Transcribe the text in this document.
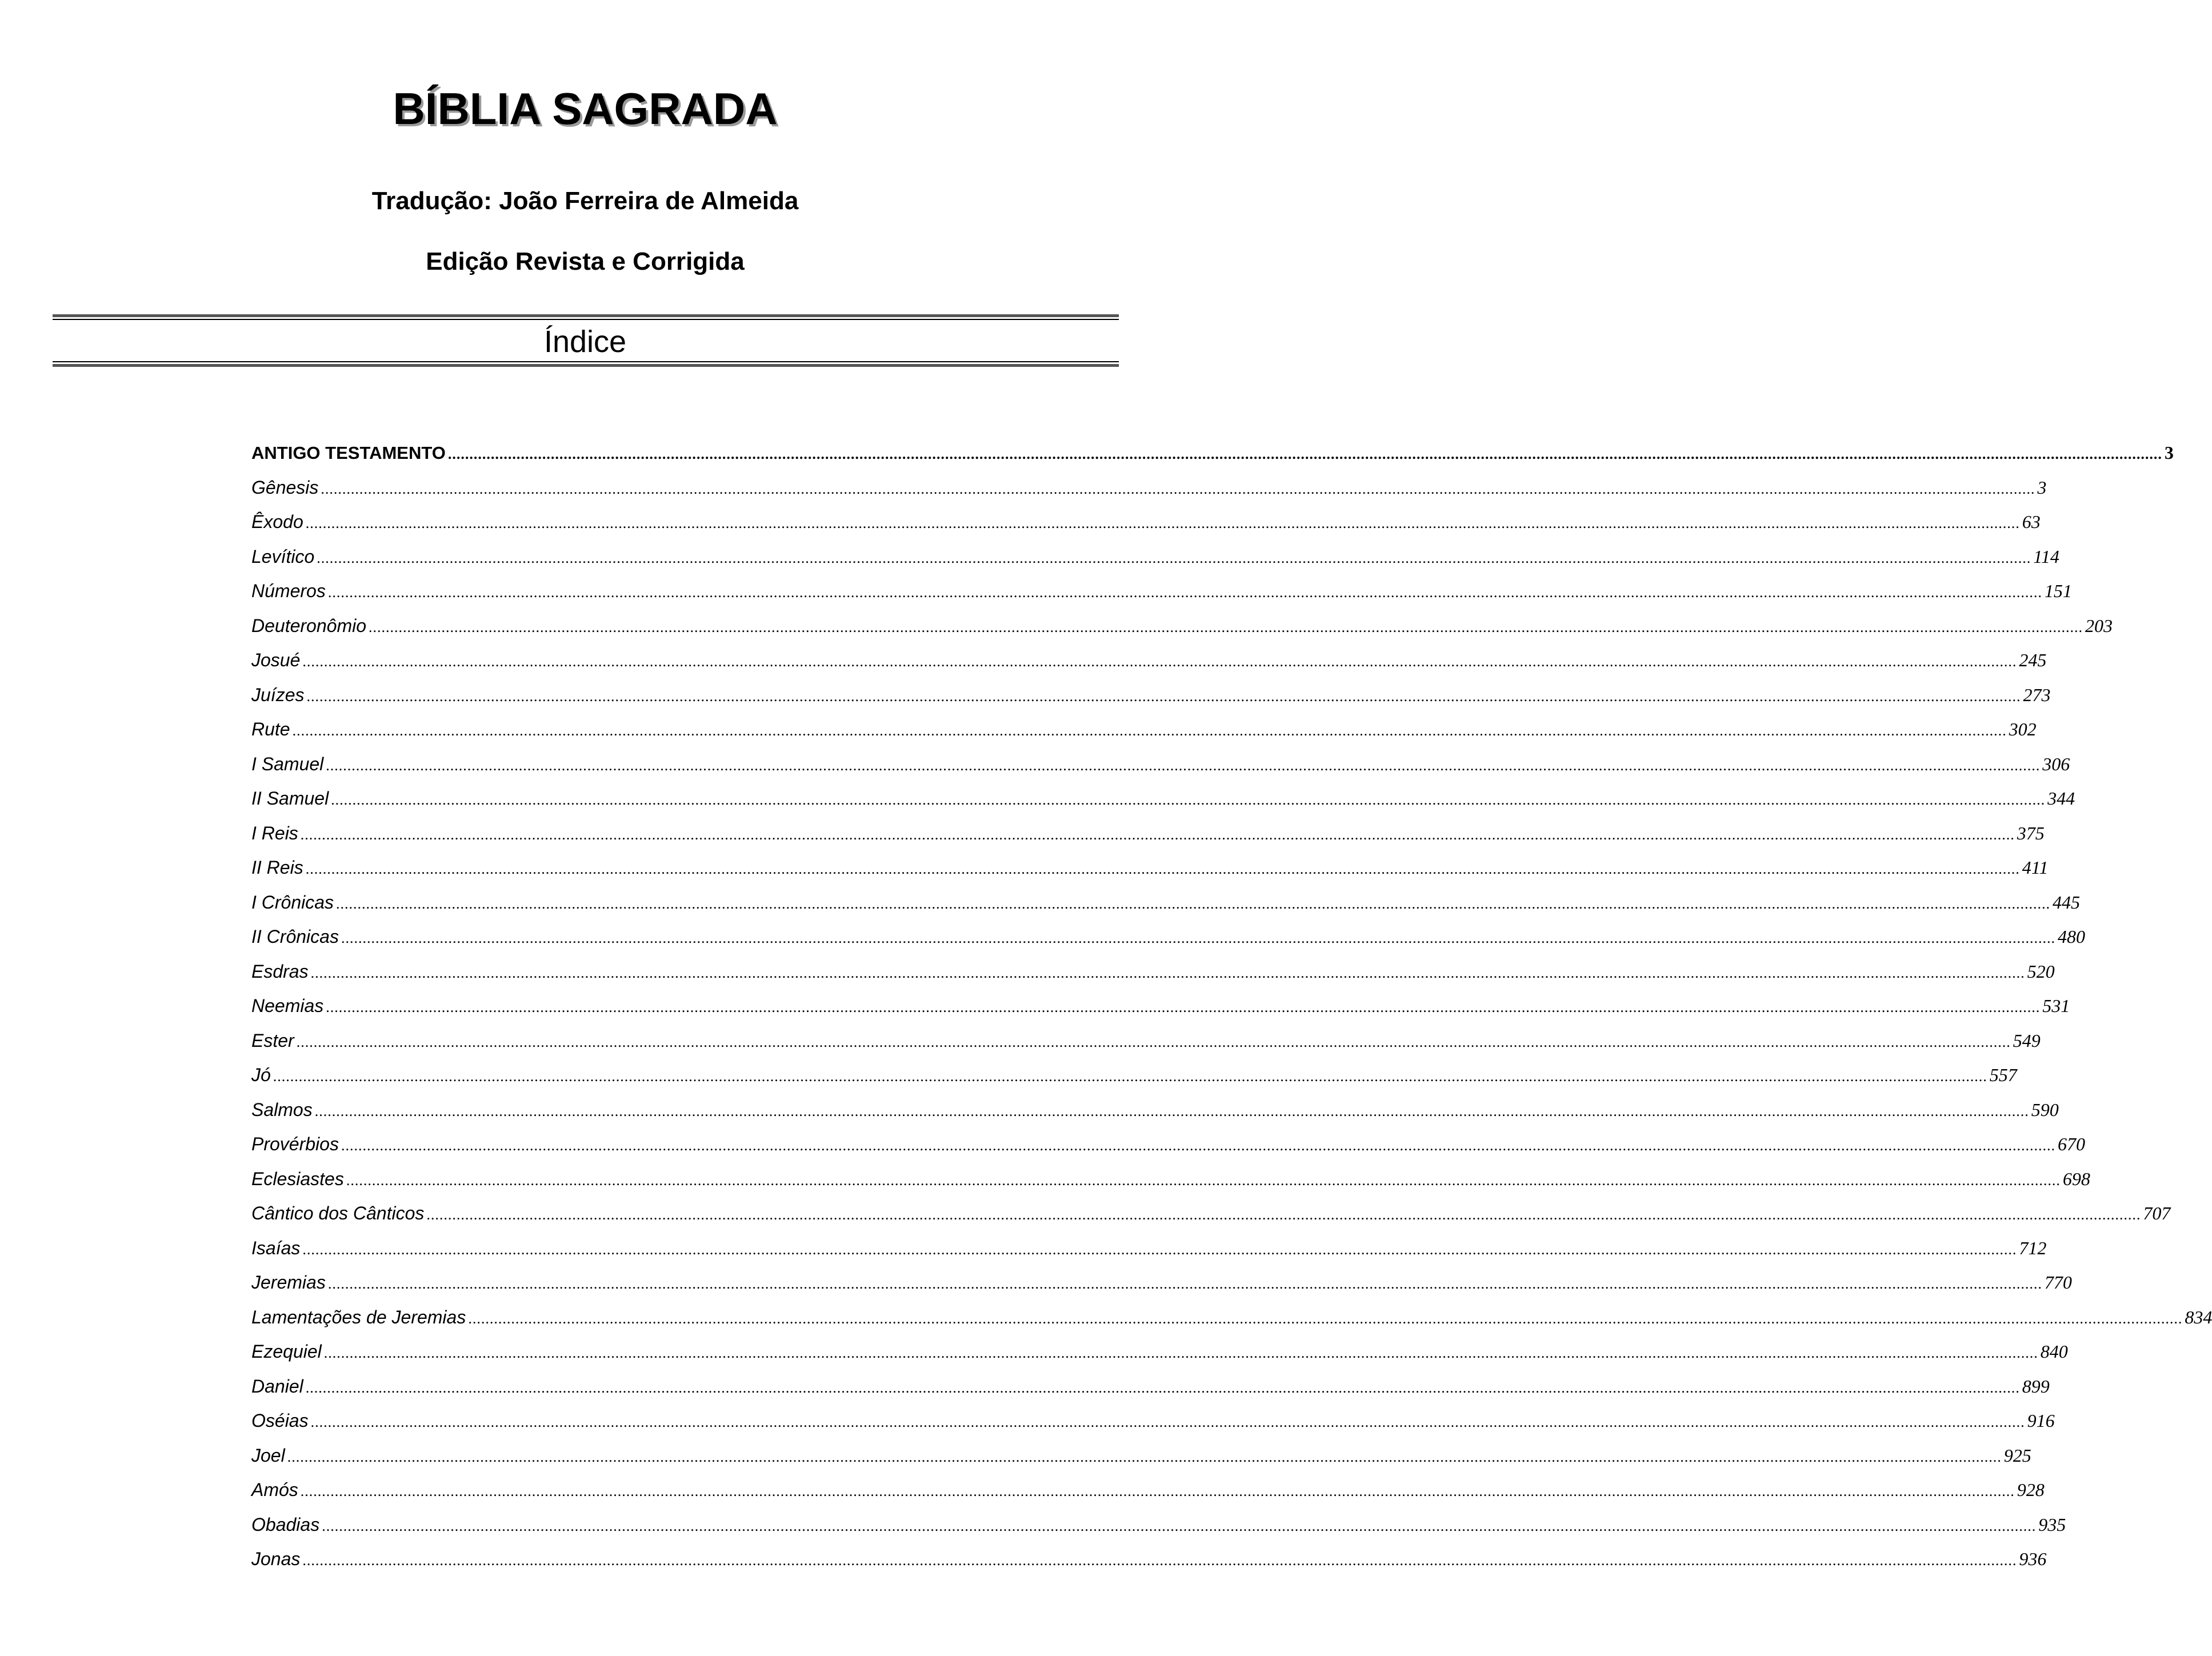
BÍBLIA SAGRADA
Tradução: João Ferreira de Almeida
Edição Revista e Corrigida
Índice
ANTIGO TESTAMENTO ................................................................................................................................................................................................................................................................................................................................................................................................................ 3
Gênesis ................................................................................................................................................................................................................................................................................................................................................................................................................ 3
Êxodo ................................................................................................................................................................................................................................................................................................................................................................................................................ 63
Levítico ................................................................................................................................................................................................................................................................................................................................................................................................................ 114
Números ................................................................................................................................................................................................................................................................................................................................................................................................................ 151
Deuteronômio ................................................................................................................................................................................................................................................................................................................................................................................................................ 203
Josué ................................................................................................................................................................................................................................................................................................................................................................................................................ 245
Juízes ................................................................................................................................................................................................................................................................................................................................................................................................................ 273
Rute ................................................................................................................................................................................................................................................................................................................................................................................................................ 302
I Samuel ................................................................................................................................................................................................................................................................................................................................................................................................................ 306
II Samuel ................................................................................................................................................................................................................................................................................................................................................................................................................ 344
I Reis ................................................................................................................................................................................................................................................................................................................................................................................................................ 375
II Reis ................................................................................................................................................................................................................................................................................................................................................................................................................ 411
I Crônicas ................................................................................................................................................................................................................................................................................................................................................................................................................ 445
II Crônicas ................................................................................................................................................................................................................................................................................................................................................................................................................ 480
Esdras ................................................................................................................................................................................................................................................................................................................................................................................................................ 520
Neemias ................................................................................................................................................................................................................................................................................................................................................................................................................ 531
Ester ................................................................................................................................................................................................................................................................................................................................................................................................................ 549
Jó ................................................................................................................................................................................................................................................................................................................................................................................................................ 557
Salmos ................................................................................................................................................................................................................................................................................................................................................................................................................ 590
Provérbios ................................................................................................................................................................................................................................................................................................................................................................................................................ 670
Eclesiastes ................................................................................................................................................................................................................................................................................................................................................................................................................ 698
Cântico dos Cânticos ................................................................................................................................................................................................................................................................................................................................................................................................................ 707
Isaías ................................................................................................................................................................................................................................................................................................................................................................................................................ 712
Jeremias ................................................................................................................................................................................................................................................................................................................................................................................................................ 770
Lamentações de Jeremias ................................................................................................................................................................................................................................................................................................................................................................................................................ 834
Ezequiel ................................................................................................................................................................................................................................................................................................................................................................................................................ 840
Daniel ................................................................................................................................................................................................................................................................................................................................................................................................................ 899
Oséias ................................................................................................................................................................................................................................................................................................................................................................................................................ 916
Joel ................................................................................................................................................................................................................................................................................................................................................................................................................ 925
Amós ................................................................................................................................................................................................................................................................................................................................................................................................................ 928
Obadias ................................................................................................................................................................................................................................................................................................................................................................................................................ 935
Jonas ................................................................................................................................................................................................................................................................................................................................................................................................................ 936
